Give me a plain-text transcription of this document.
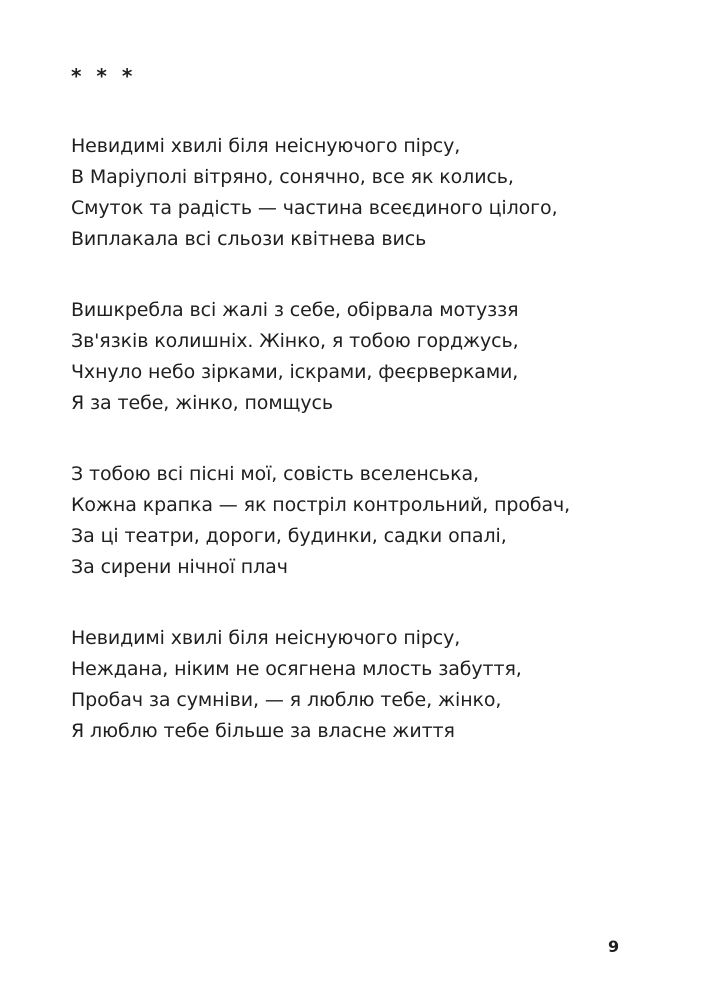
* * *
Невидимі хвилі біля неіснуючого пірсу,
В Маріуполі вітряно, сонячно, все як колись,
Смуток та радість — частина всеєдиного цілого,
Виплакала всі сльози квітнева вись
Вишкребла всі жалі з себе, обірвала мотуззя
Зв'язків колишніх. Жінко, я тобою горджусь,
Чхнуло небо зірками, іскрами, феєрверками,
Я за тебе, жінко, помщусь
З тобою всі пісні мої, совість вселенська,
Кожна крапка — як постріл контрольний, пробач,
За ці театри, дороги, будинки, садки опалі,
За сирени нічної плач
Невидимі хвилі біля неіснуючого пірсу,
Неждана, ніким не осягнена млость забуття,
Пробач за сумніви, — я люблю тебе, жінко,
Я люблю тебе більше за власне життя
9
